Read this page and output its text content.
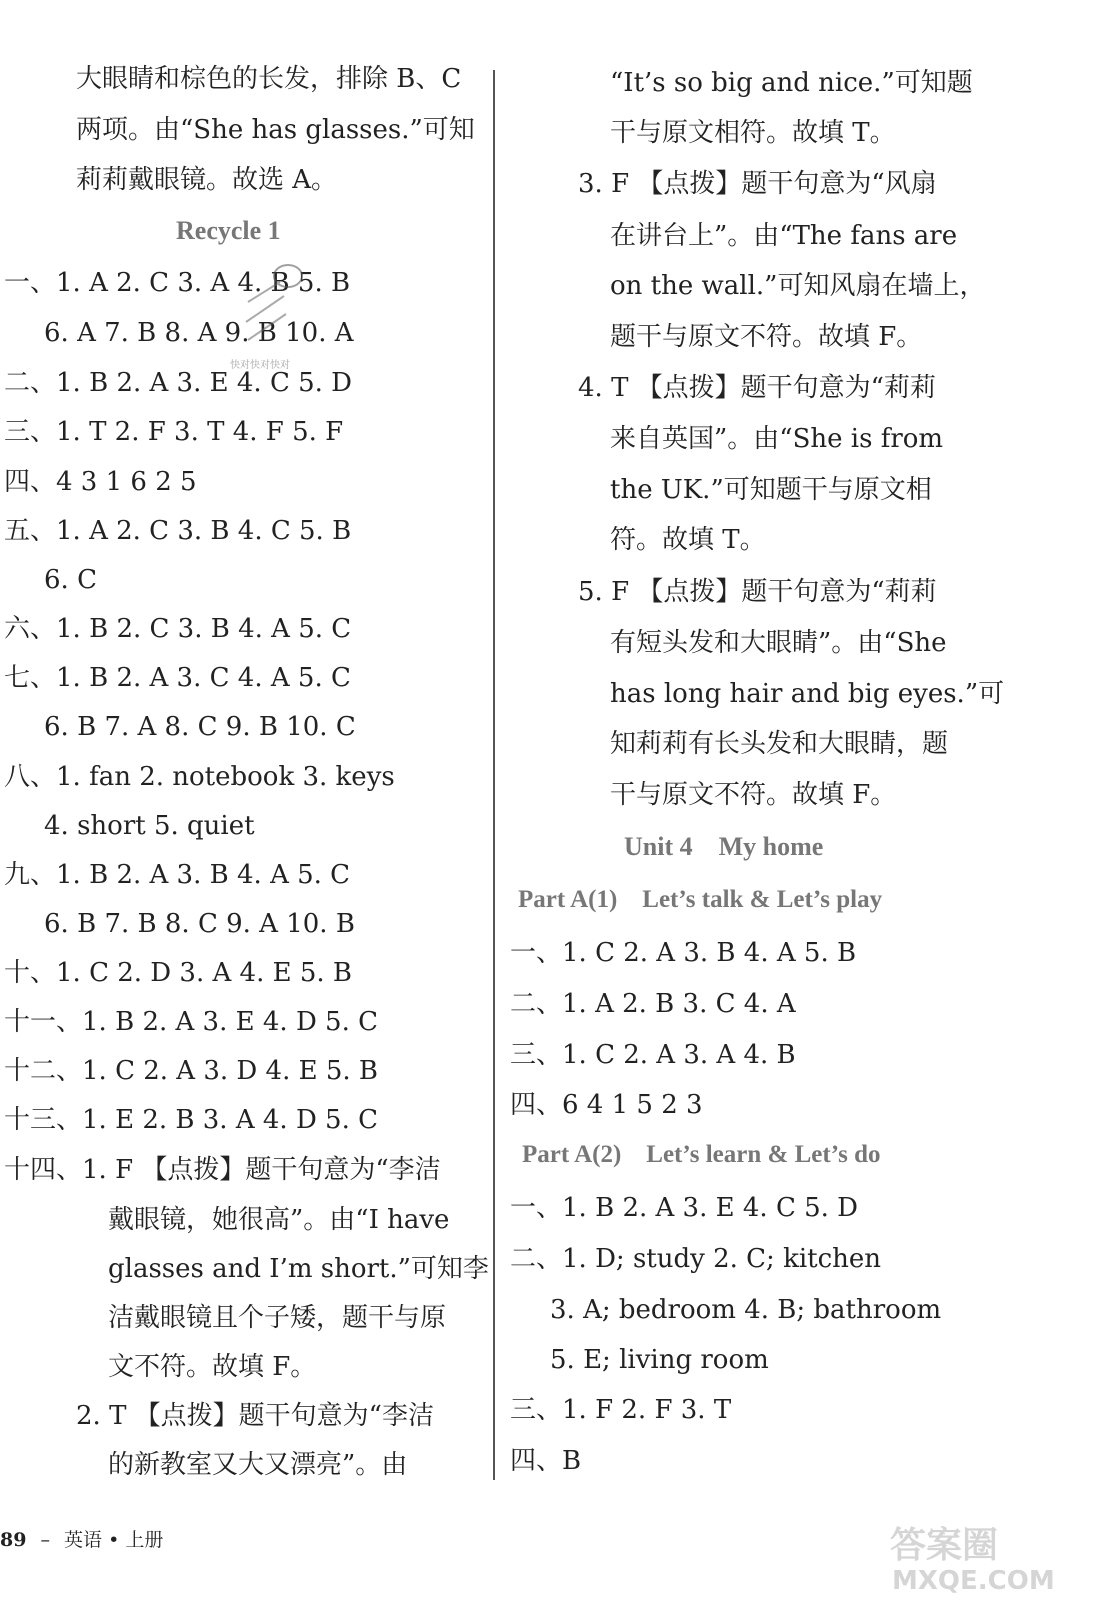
大眼睛和棕色的长发，排除 B、C
两项。由“She has glasses.”可知
莉莉戴眼镜。故选 A。
Recycle 1
一、1. A 2. C 3. A 4. B 5. B
6. A 7. B 8. A 9. B 10. A
二、1. B 2. A 3. E 4. C 5. D
三、1. T 2. F 3. T 4. F 5. F
四、4 3 1 6 2 5
五、1. A 2. C 3. B 4. C 5. B
6. C
六、1. B 2. C 3. B 4. A 5. C
七、1. B 2. A 3. C 4. A 5. C
6. B 7. A 8. C 9. B 10. C
八、1. fan 2. notebook 3. keys
4. short 5. quiet
九、1. B 2. A 3. B 4. A 5. C
6. B 7. B 8. C 9. A 10. B
十、1. C 2. D 3. A 4. E 5. B
十一、1. B 2. A 3. E 4. D 5. C
十二、1. C 2. A 3. D 4. E 5. B
十三、1. E 2. B 3. A 4. D 5. C
十四、1. F 【点拨】题干句意为“李洁
戴眼镜，她很高”。由“I have
glasses and I’m short.”可知李
洁戴眼镜且个子矮，题干与原
文不符。故填 F。
2. T 【点拨】题干句意为“李洁
的新教室又大又漂亮”。由
快对快对快对
“It’s so big and nice.”可知题
干与原文相符。故填 T。
3. F 【点拨】题干句意为“风扇
在讲台上”。由“The fans are
on the wall.”可知风扇在墙上，
题干与原文不符。故填 F。
4. T 【点拨】题干句意为“莉莉
来自英国”。由“She is from
the UK.”可知题干与原文相
符。故填 T。
5. F 【点拨】题干句意为“莉莉
有短头发和大眼睛”。由“She
has long hair and big eyes.”可
知莉莉有长头发和大眼睛，题
干与原文不符。故填 F。
Unit 4    My home
Part A(1)    Let’s talk & Let’s play
一、1. C 2. A 3. B 4. A 5. B
二、1. A 2. B 3. C 4. A
三、1. C 2. A 3. A 4. B
四、6 4 1 5 2 3
Part A(2)    Let’s learn & Let’s do
一、1. B 2. A 3. E 4. C 5. D
二、1. D; study 2. C; kitchen
3. A; bedroom 4. B; bathroom
5. E; living room
三、1. F 2. F 3. T
四、B
89 – 英语 • 上册	答案圈
MXQE.COM
